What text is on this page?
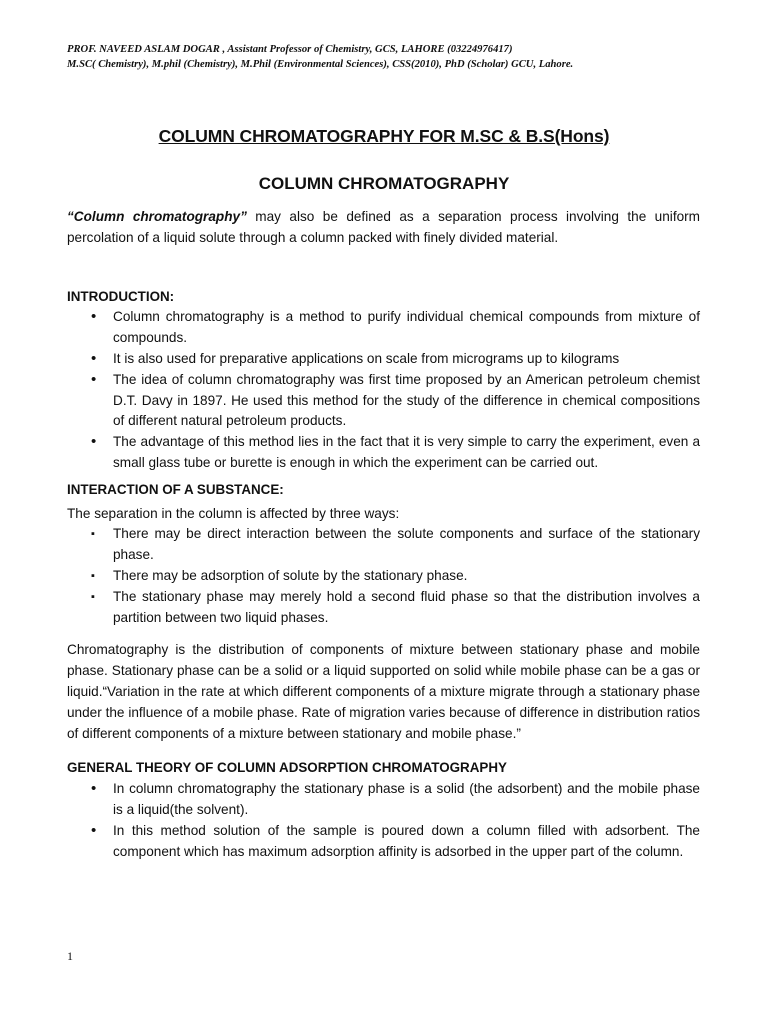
PROF. NAVEED ASLAM DOGAR , Assistant Professor of Chemistry, GCS, LAHORE (03224976417)
M.SC( Chemistry), M.phil (Chemistry), M.Phil (Environmental Sciences), CSS(2010), PhD (Scholar) GCU, Lahore.
COLUMN CHROMATOGRAPHY FOR M.SC & B.S(Hons)
COLUMN CHROMATOGRAPHY

“Column chromatography” may also be defined as a separation process involving the uniform percolation of a liquid solute through a column packed with finely divided material.

INTRODUCTION:

• Column chromatography is a method to purify individual chemical compounds from mixture of compounds.
• It is also used for preparative applications on scale from micrograms up to kilograms
• The idea of column chromatography was first time proposed by an American petroleum chemist D.T. Davy in 1897. He used this method for the study of the difference in chemical compositions of different natural petroleum products.
• The advantage of this method lies in the fact that it is very simple to carry the experiment, even a small glass tube or burette is enough in which the experiment can be carried out.

INTERACTION OF A SUBSTANCE:

The separation in the column is affected by three ways:

▪ There may be direct interaction between the solute components and surface of the stationary phase.
▪ There may be adsorption of solute by the stationary phase.
▪ The stationary phase may merely hold a second fluid phase so that the distribution involves a partition between two liquid phases.

Chromatography is the distribution of components of mixture between stationary phase and mobile phase. Stationary phase can be a solid or a liquid supported on solid while mobile phase can be a gas or liquid.“Variation in the rate at which different components of a mixture migrate through a stationary phase under the influence of a mobile phase. Rate of migration varies because of difference in distribution ratios of different components of a mixture between stationary and mobile phase.”

GENERAL THEORY OF COLUMN ADSORPTION CHROMATOGRAPHY

• In column chromatography the stationary phase is a solid (the adsorbent) and the mobile phase is a liquid(the solvent).
• In this method solution of the sample is poured down a column filled with adsorbent. The component which has maximum adsorption affinity is adsorbed in the upper part of the column.
1
